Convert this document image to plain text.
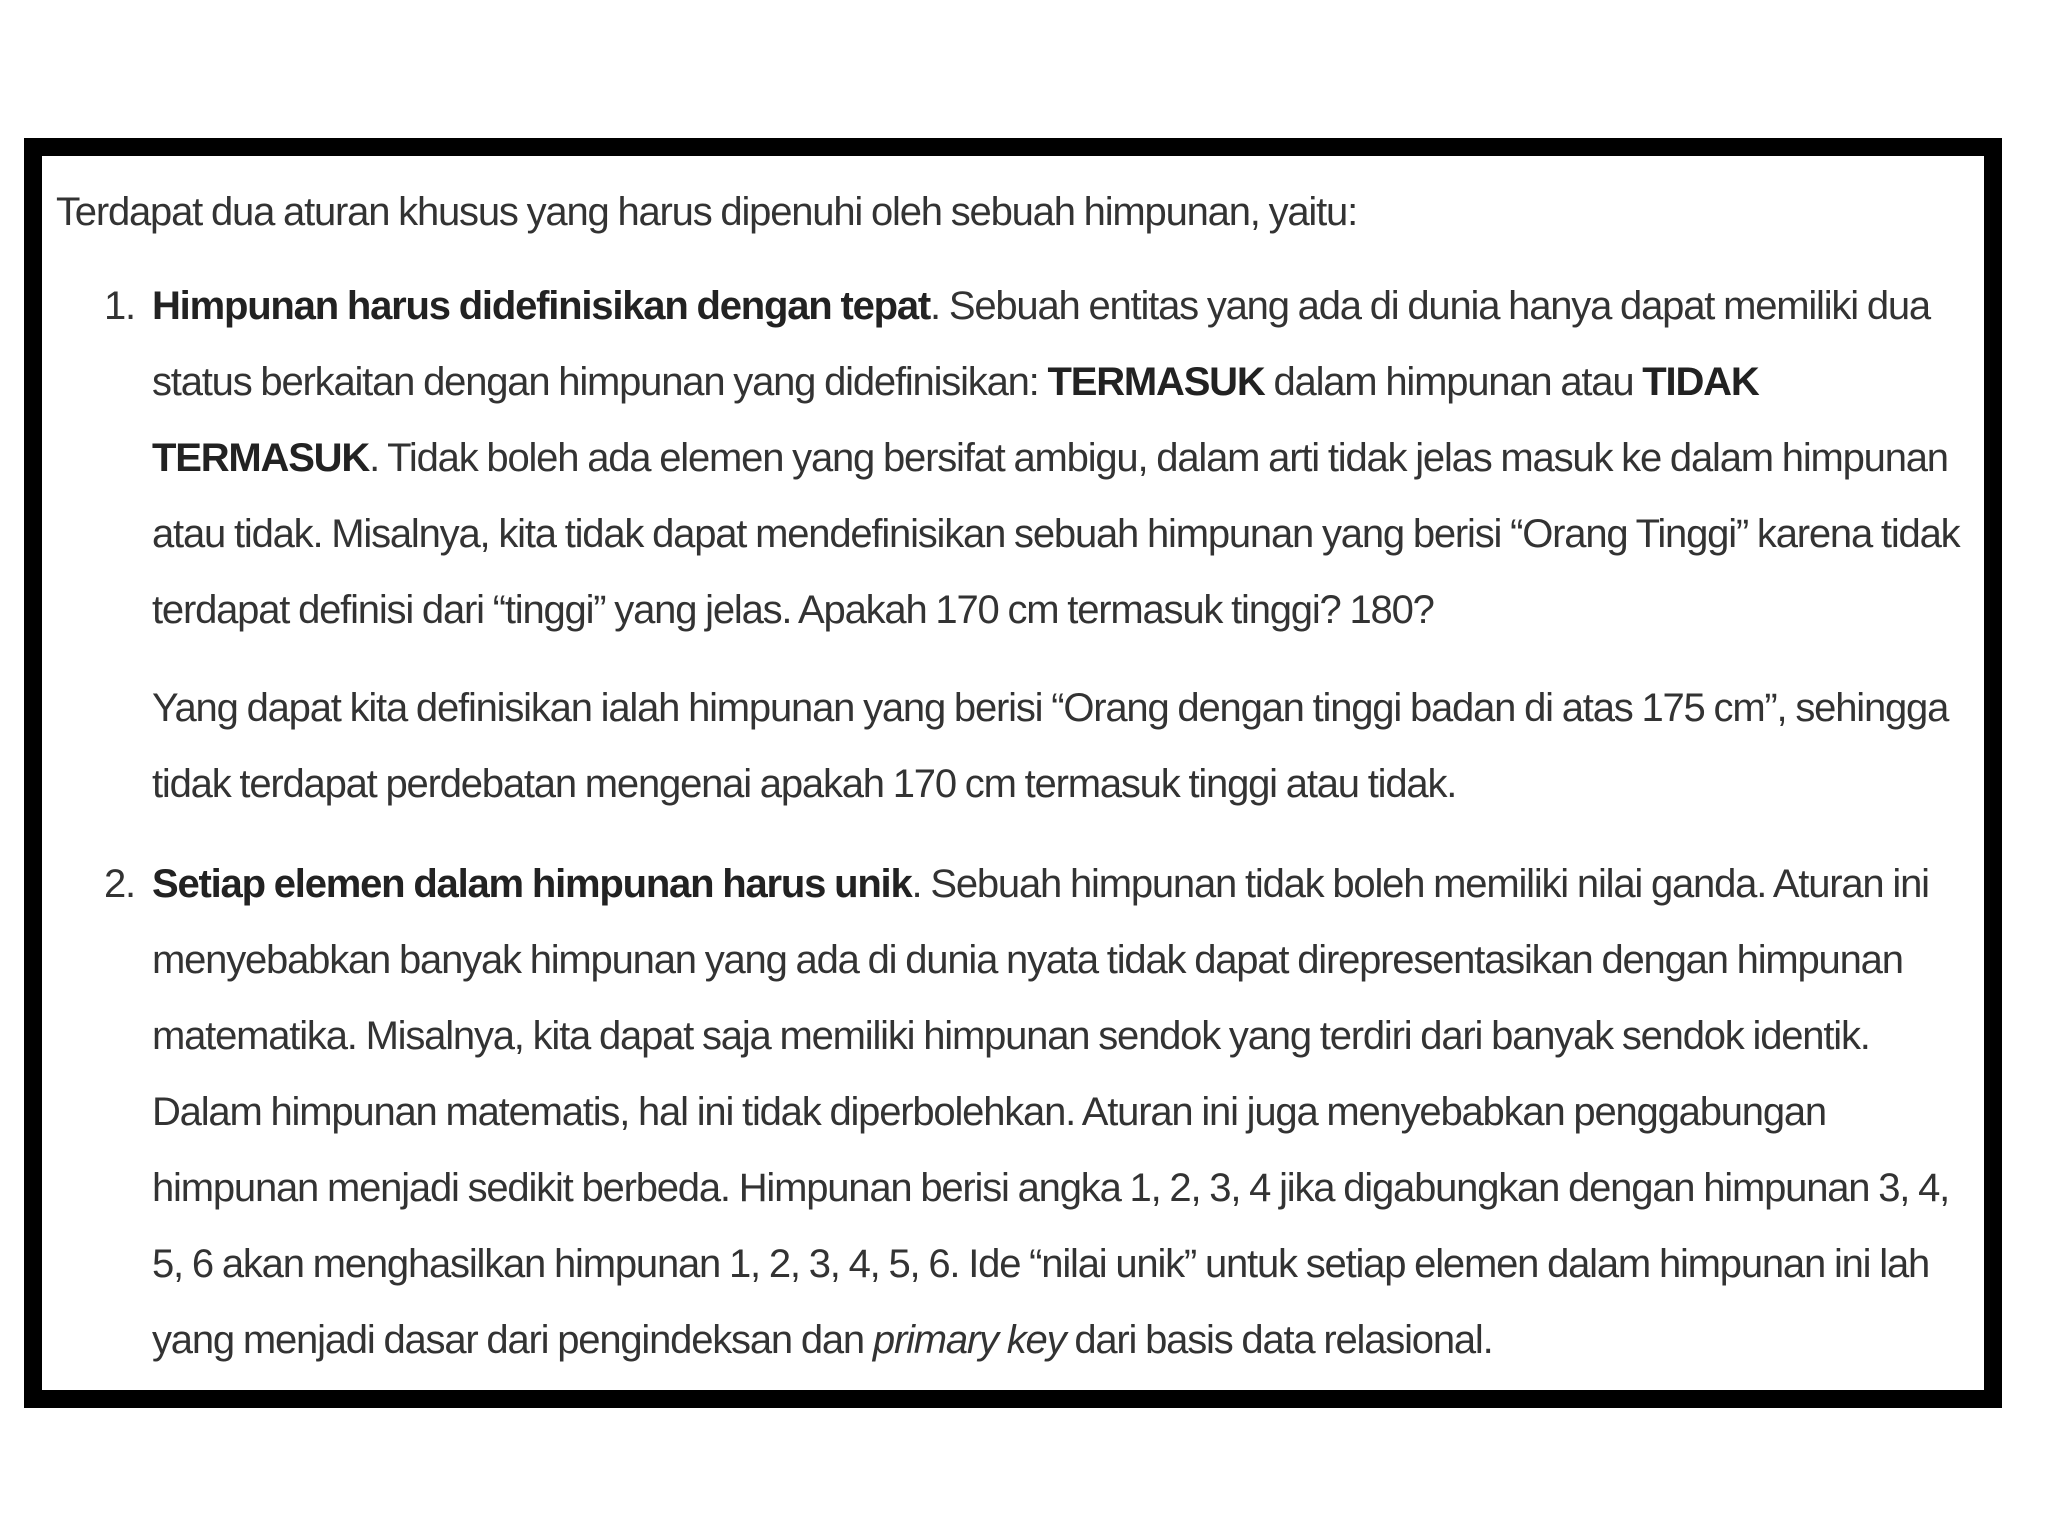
Terdapat dua aturan khusus yang harus dipenuhi oleh sebuah himpunan, yaitu:

1. Himpunan harus didefinisikan dengan tepat. Sebuah entitas yang ada di dunia hanya dapat memiliki dua status berkaitan dengan himpunan yang didefinisikan: TERMASUK dalam himpunan atau TIDAK TERMASUK. Tidak boleh ada elemen yang bersifat ambigu, dalam arti tidak jelas masuk ke dalam himpunan atau tidak. Misalnya, kita tidak dapat mendefinisikan sebuah himpunan yang berisi “Orang Tinggi” karena tidak terdapat definisi dari “tinggi” yang jelas. Apakah 170 cm termasuk tinggi? 180?

Yang dapat kita definisikan ialah himpunan yang berisi “Orang dengan tinggi badan di atas 175 cm”, sehingga tidak terdapat perdebatan mengenai apakah 170 cm termasuk tinggi atau tidak.

2. Setiap elemen dalam himpunan harus unik. Sebuah himpunan tidak boleh memiliki nilai ganda. Aturan ini menyebabkan banyak himpunan yang ada di dunia nyata tidak dapat direpresentasikan dengan himpunan matematika. Misalnya, kita dapat saja memiliki himpunan sendok yang terdiri dari banyak sendok identik. Dalam himpunan matematis, hal ini tidak diperbolehkan. Aturan ini juga menyebabkan penggabungan himpunan menjadi sedikit berbeda. Himpunan berisi angka 1, 2, 3, 4 jika digabungkan dengan himpunan 3, 4, 5, 6 akan menghasilkan himpunan 1, 2, 3, 4, 5, 6. Ide “nilai unik” untuk setiap elemen dalam himpunan ini lah yang menjadi dasar dari pengindeksan dan primary key dari basis data relasional.
